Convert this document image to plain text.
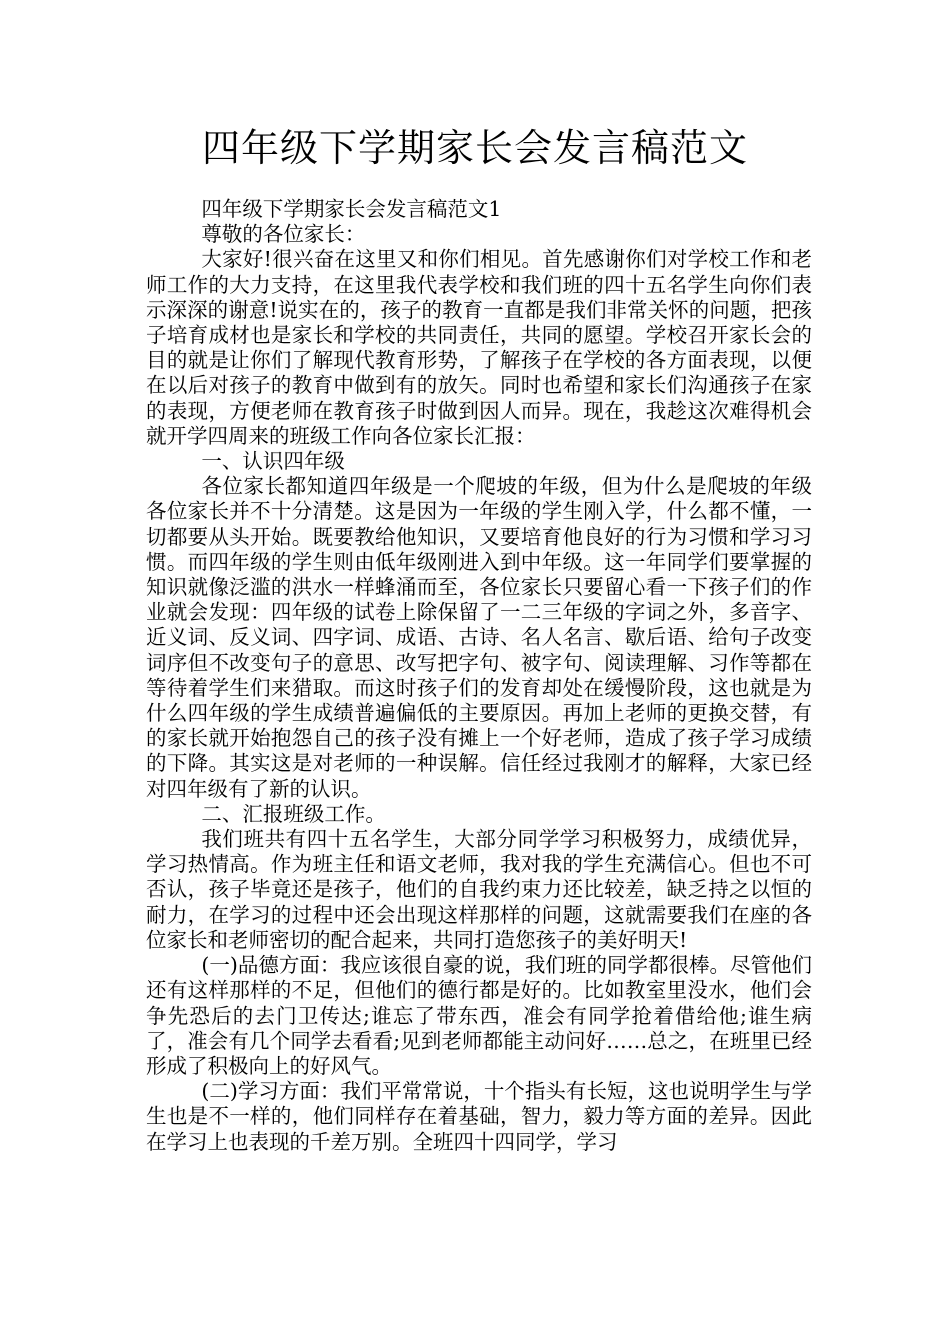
四年级下学期家长会发言稿范文

四年级下学期家长会发言稿范文1

尊敬的各位家长：

大家好!很兴奋在这里又和你们相见。首先感谢你们对学校工作和老师工作的大力支持，在这里我代表学校和我们班的四十五名学生向你们表示深深的谢意!说实在的，孩子的教育一直都是我们非常关怀的问题，把孩子培育成材也是家长和学校的共同责任，共同的愿望。学校召开家长会的目的就是让你们了解现代教育形势，了解孩子在学校的各方面表现，以便在以后对孩子的教育中做到有的放矢。同时也希望和家长们沟通孩子在家的表现，方便老师在教育孩子时做到因人而异。现在，我趁这次难得机会就开学四周来的班级工作向各位家长汇报：

一、认识四年级

各位家长都知道四年级是一个爬坡的年级，但为什么是爬坡的年级各位家长并不十分清楚。这是因为一年级的学生刚入学，什么都不懂，一切都要从头开始。既要教给他知识，又要培育他良好的行为习惯和学习习惯。而四年级的学生则由低年级刚进入到中年级。这一年同学们要掌握的知识就像泛滥的洪水一样蜂涌而至，各位家长只要留心看一下孩子们的作业就会发现：四年级的试卷上除保留了一二三年级的字词之外，多音字、近义词、反义词、四字词、成语、古诗、名人名言、歇后语、给句子改变词序但不改变句子的意思、改写把字句、被字句、阅读理解、习作等都在等待着学生们来猎取。而这时孩子们的发育却处在缓慢阶段，这也就是为什么四年级的学生成绩普遍偏低的主要原因。再加上老师的更换交替，有的家长就开始抱怨自己的孩子没有摊上一个好老师，造成了孩子学习成绩的下降。其实这是对老师的一种误解。信任经过我刚才的解释，大家已经对四年级有了新的认识。

二、汇报班级工作。

我们班共有四十五名学生，大部分同学学习积极努力，成绩优异，学习热情高。作为班主任和语文老师，我对我的学生充满信心。但也不可否认，孩子毕竟还是孩子，他们的自我约束力还比较差，缺乏持之以恒的耐力，在学习的过程中还会出现这样那样的问题，这就需要我们在座的各位家长和老师密切的配合起来，共同打造您孩子的美好明天!

(一)品德方面：我应该很自豪的说，我们班的同学都很棒。尽管他们还有这样那样的不足，但他们的德行都是好的。比如教室里没水，他们会争先恐后的去门卫传达;谁忘了带东西，准会有同学抢着借给他;谁生病了，准会有几个同学去看看;见到老师都能主动问好……总之，在班里已经形成了积极向上的好风气。

(二)学习方面：我们平常常说，十个指头有长短，这也说明学生与学生也是不一样的，他们同样存在着基础，智力，毅力等方面的差异。因此在学习上也表现的千差万别。全班四十四同学，学习
